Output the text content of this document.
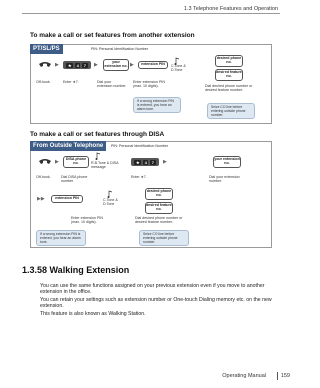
1.3 Telephone Features and Operation
To make a call or set features from another extension
PT/SL/PS	PIN: Personal Identification Number
▶	★	4	7	▶	your extension no. ▶	extension PIN	C.Tone & D.Tone
desired phone no.
desired feature no.
Off-hook.	Enter ★7.	Dial your extension number.
Enter extension PIN (max. 10 digits).	Dial desired phone number or desired feature number.
If a wrong extension PIN is entered, you hear an alarm tone.	Seize CO line before entering outside phone number.
To make a call or set features through DISA
From Outside Telephone	PIN: Personal Identification Number
▶	DISA phone no.	R.B.Tone & DISA message
★	4	7	▶	your extension no.
Off-hook.	Dial DISA phone number
Enter ★7.	Dial your extension number.
▶▶	extension PIN	C.Tone & D.Tone
desired phone no.
desired feature no.
Enter extension PIN (max. 10 digits).
Dial desired phone number or desired feature number.
If a wrong extension PIN is entered, you hear an alarm tone.
Seize CO line before entering outside phone number.
1.3.58 Walking Extension
You can use the same functions assigned on your previous extension even if you move to another extension in the office.
You can retain your settings such as extension number or One-touch Dialing memory etc. on the new extension.
This feature is also known as Walking Station.
Operating Manual	159
